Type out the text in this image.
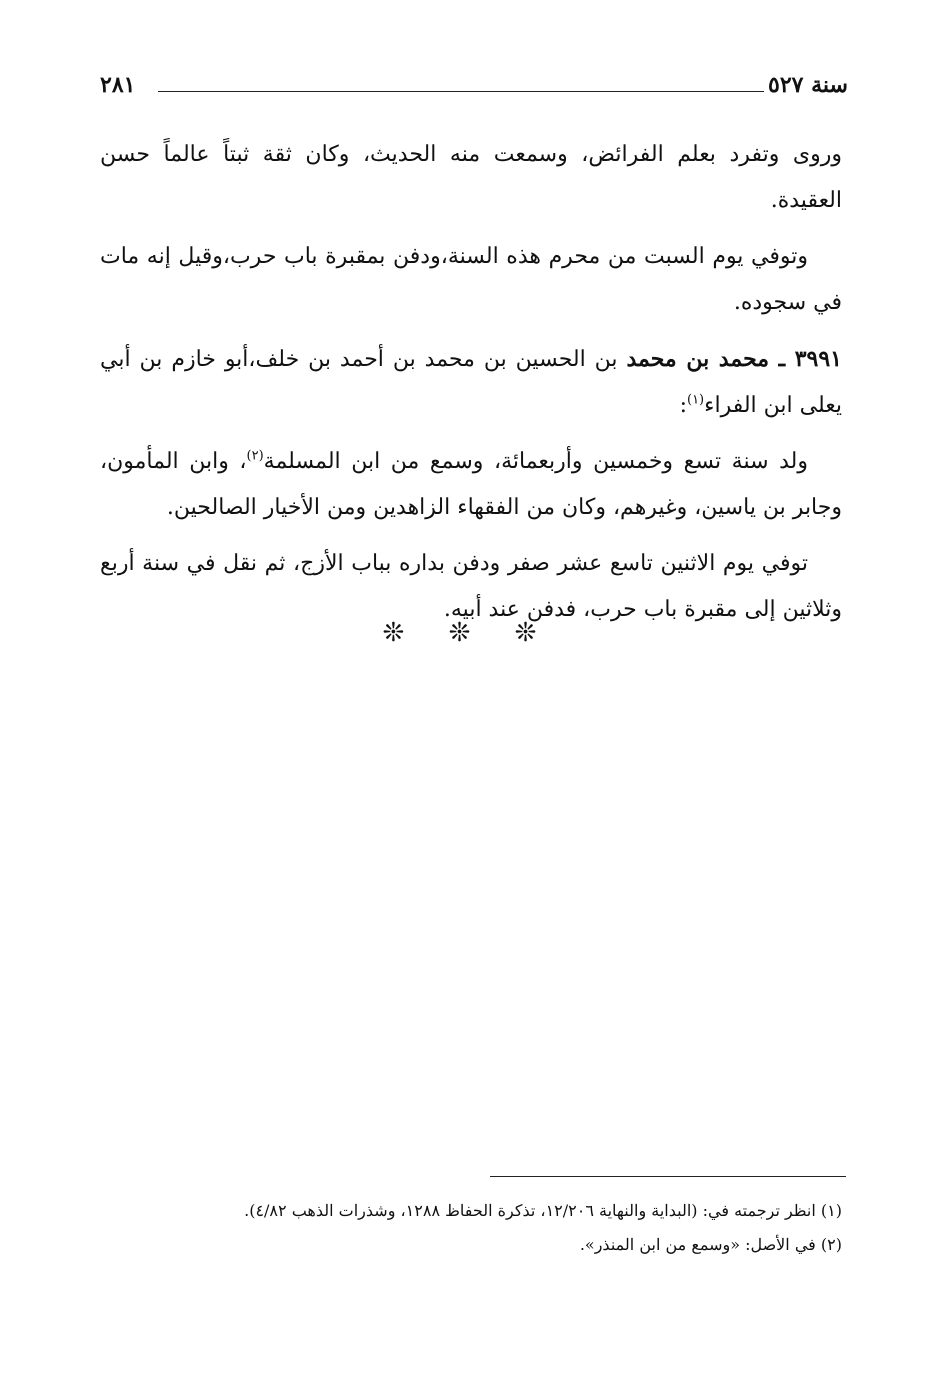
٢٨١	سنة ٥٢٧

وروى وتفرد بعلم الفرائض، وسمعت منه الحديث، وكان ثقة ثبتاً عالماً حسن العقيدة.

وتوفي يوم السبت من محرم هذه السنة،ودفن بمقبرة باب حرب،وقيل إنه مات في سجوده.

٣٩٩١ ـ محمد بن محمد بن الحسين بن محمد بن أحمد بن خلف،أبو خازم بن أبي يعلى ابن الفراء$^{(١)}$:

ولد سنة تسع وخمسين وأربعمائة، وسمع من ابن المسلمة$^{(٢)}$، وابن المأمون، وجابر بن ياسين، وغيرهم، وكان من الفقهاء الزاهدين ومن الأخيار الصالحين.

توفي يوم الاثنين تاسع عشر صفر ودفن بداره بباب الأزج، ثم نقل في سنة أربع وثلاثين إلى مقبرة باب حرب، فدفن عند أبيه.

❊ ❊ ❊
(١) انظر ترجمته في: (البداية والنهاية ١٢/٢٠٦، تذكرة الحفاظ ١٢٨٨، وشذرات الذهب ٤/٨٢).
(٢) في الأصل: «وسمع من ابن المنذر».
